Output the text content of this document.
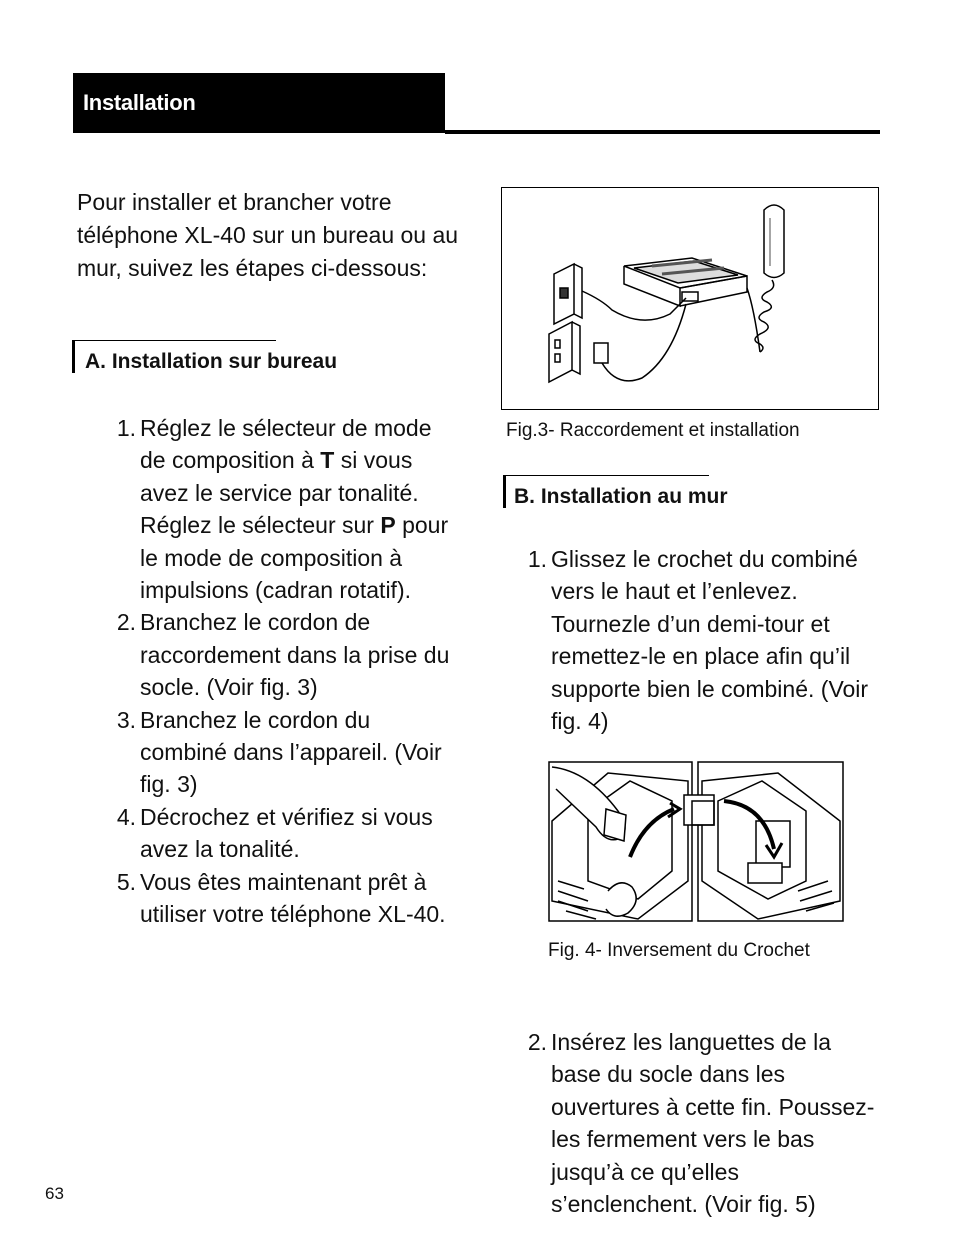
Installation

Pour installer et brancher votre téléphone XL-40 sur un bureau ou au mur, suivez les étapes ci-dessous:

A. Installation sur bureau
1. Réglez le sélecteur de mode de composition à T si vous avez le service par tonalité. Réglez le sélecteur sur P pour le mode de composition à impulsions (cadran rotatif).
2. Branchez le cordon de raccordement dans la prise du socle. (Voir fig. 3)
3. Branchez le cordon du combiné dans l’appareil. (Voir fig. 3)
4. Décrochez et vérifiez si vous avez la tonalité.
5. Vous êtes maintenant prêt à utiliser votre téléphone XL-40.
Fig.3- Raccordement et installation
B. Installation au mur
1. Glissez le crochet du combiné vers le haut et l’enlevez. Tournezle d’un demi-tour et remettez-le en place afin qu’il supporte bien le combiné. (Voir fig. 4)
Fig. 4- Inversement du Crochet
2. Insérez les languettes de la base du socle dans les ouvertures à cette fin. Poussez-les fermement vers le bas jusqu’à ce qu’elles s’enclenchent. (Voir fig. 5)
63
